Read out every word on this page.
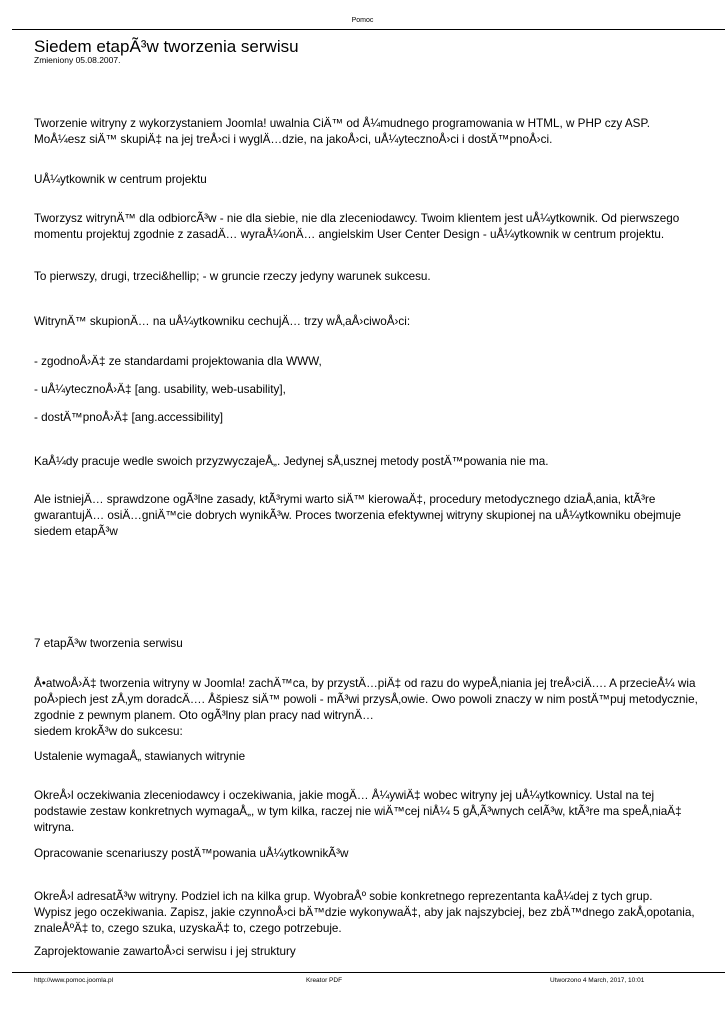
Pomoc
Siedem etapÃ³w tworzenia serwisu
Zmieniony 05.08.2007.
Tworzenie witryny z wykorzystaniem Joomla! uwalnia CiÄ™ od Å¼mudnego programowania w HTML, w PHP czy ASP.
MoÅ¼esz siÄ™ skupiÄ‡ na jej treÅ›ci i wyglÄ…dzie, na jakoÅ›ci, uÅ¼ytecznoÅ›ci i dostÄ™pnoÅ›ci.
UÅ¼ytkownik w centrum projektu
Tworzysz witrynÄ™ dla odbiorcÃ³w - nie dla siebie, nie dla zleceniodawcy. Twoim klientem jest uÅ¼ytkownik. Od pierwszego
momentu projektuj zgodnie z zasadÄ… wyraÅ¼onÄ… angielskim User Center Design - uÅ¼ytkownik w centrum projektu.
To pierwszy, drugi, trzeci&hellip; - w gruncie rzeczy jedyny warunek sukcesu.
WitrynÄ™ skupionÄ… na uÅ¼ytkowniku cechujÄ… trzy wÅ‚aÅ›ciwoÅ›ci:
- zgodnoÅ›Ä‡ ze standardami projektowania dla WWW,
- uÅ¼ytecznoÅ›Ä‡ [ang. usability, web-usability],
- dostÄ™pnoÅ›Ä‡ [ang.accessibility]
KaÅ¼dy pracuje wedle swoich przyzwyczajeÅ„. Jedynej sÅ‚usznej metody postÄ™powania nie ma.
Ale istniejÄ… sprawdzone ogÃ³lne zasady, ktÃ³rymi warto siÄ™ kierowaÄ‡, procedury metodycznego dziaÅ‚ania, ktÃ³re
gwarantujÄ… osiÄ…gniÄ™cie dobrych wynikÃ³w. Proces tworzenia efektywnej witryny skupionej na uÅ¼ytkowniku obejmuje
siedem etapÃ³w
7 etapÃ³w tworzenia serwisu
Å•atwoÅ›Ä‡ tworzenia witryny w Joomla! zachÄ™ca, by przystÄ…piÄ‡ od razu do wypeÅ‚niania jej treÅ›ciÄ…. A przecieÅ¼ wia
poÅ›piech jest zÅ‚ym doradcÄ…. Åšpiesz siÄ™ powoli - mÃ³wi przysÅ‚owie. Owo powoli znaczy w nim postÄ™puj metodycznie,
zgodnie z pewnym planem. Oto ogÃ³lny plan pracy nad witrynÄ…
siedem krokÃ³w do sukcesu:
Ustalenie wymagaÅ„ stawianych witrynie
OkreÅ›l oczekiwania zleceniodawcy i oczekiwania, jakie mogÄ… Å¼ywiÄ‡ wobec witryny jej uÅ¼ytkownicy. Ustal na tej
podstawie zestaw konkretnych wymagaÅ„, w tym kilka, raczej nie wiÄ™cej niÅ¼ 5 gÅ‚Ã³wnych celÃ³w, ktÃ³re ma speÅ‚niaÄ‡
witryna.
Opracowanie scenariuszy postÄ™powania uÅ¼ytkownikÃ³w
OkreÅ›l adresatÃ³w witryny. Podziel ich na kilka grup. WyobraÅº sobie konkretnego reprezentanta kaÅ¼dej z tych grup.
Wypisz jego oczekiwania. Zapisz, jakie czynnoÅ›ci bÄ™dzie wykonywaÄ‡, aby jak najszybciej, bez zbÄ™dnego zakÅ‚opotania,
znaleÅºÄ‡ to, czego szuka, uzyskaÄ‡ to, czego potrzebuje.
Zaprojektowanie zawartoÅ›ci serwisu i jej struktury
http://www.pomoc.joomla.pl	Kreator PDF	Utworzono 4 March, 2017, 10:01
